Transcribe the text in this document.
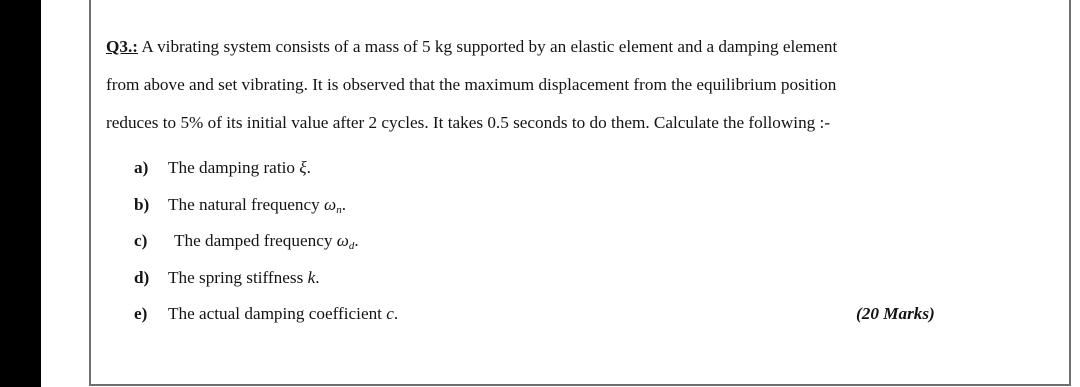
Q3.: A vibrating system consists of a mass of 5 kg supported by an elastic element and a damping element
from above and set vibrating. It is observed that the maximum displacement from the equilibrium position
reduces to 5% of its initial value after 2 cycles. It takes 0.5 seconds to do them. Calculate the following :-
a) The damping ratio ξ.
b) The natural frequency $\omega_n$.
c) The damped frequency $\omega_d$.
d) The spring stiffness k.
e) The actual damping coefficient c.	(20 Marks)
